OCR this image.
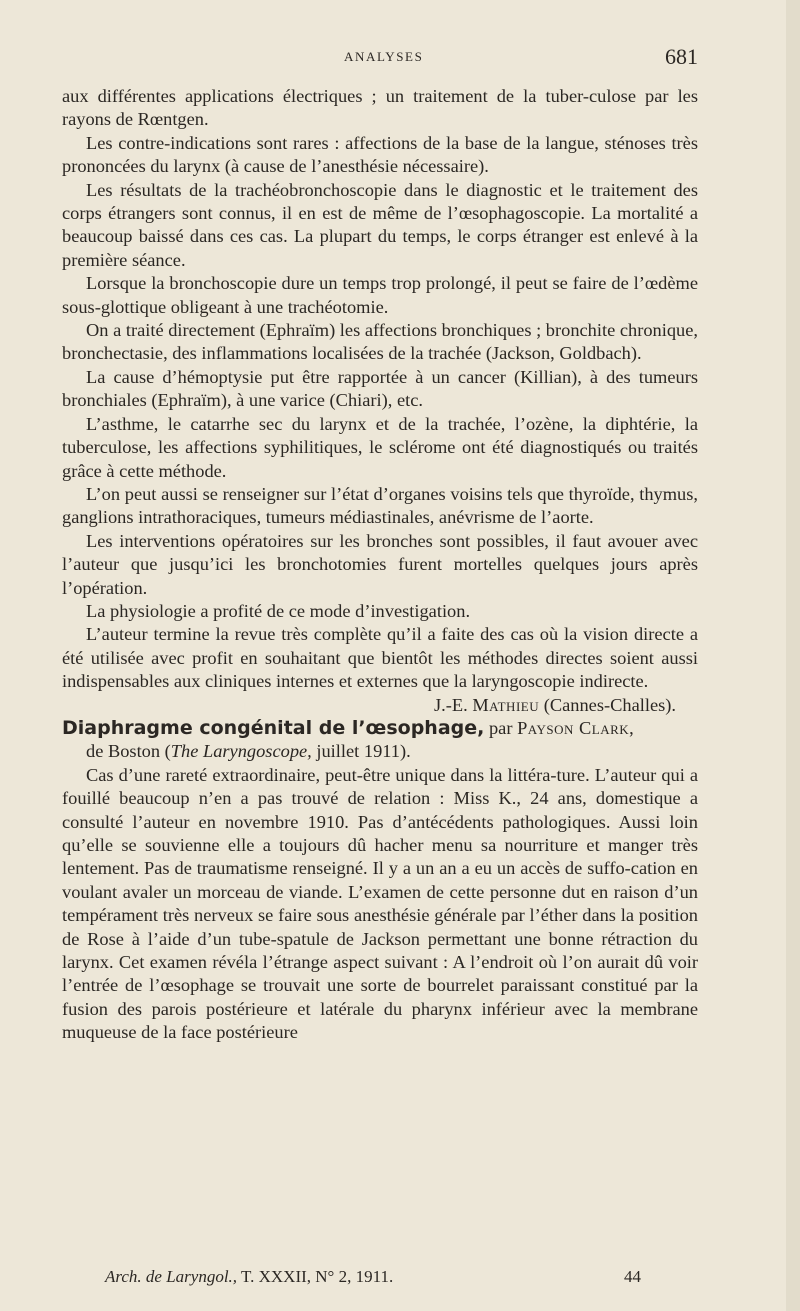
ANALYSES	681

aux différentes applications électriques ; un traitement de la tuber-culose par les rayons de Rœntgen.

Les contre-indications sont rares : affections de la base de la langue, sténoses très prononcées du larynx (à cause de l’anesthésie nécessaire).

Les résultats de la trachéobronchoscopie dans le diagnostic et le traitement des corps étrangers sont connus, il en est de même de l’œsophagoscopie. La mortalité a beaucoup baissé dans ces cas. La plupart du temps, le corps étranger est enlevé à la première séance.

Lorsque la bronchoscopie dure un temps trop prolongé, il peut se faire de l’œdème sous-glottique obligeant à une trachéotomie.

On a traité directement (Ephraïm) les affections bronchiques ; bronchite chronique, bronchectasie, des inflammations localisées de la trachée (Jackson, Goldbach).

La cause d’hémoptysie put être rapportée à un cancer (Killian), à des tumeurs bronchiales (Ephraïm), à une varice (Chiari), etc.

L’asthme, le catarrhe sec du larynx et de la trachée, l’ozène, la diphtérie, la tuberculose, les affections syphilitiques, le sclérome ont été diagnostiqués ou traités grâce à cette méthode.

L’on peut aussi se renseigner sur l’état d’organes voisins tels que thyroïde, thymus, ganglions intrathoraciques, tumeurs médiastinales, anévrisme de l’aorte.

Les interventions opératoires sur les bronches sont possibles, il faut avouer avec l’auteur que jusqu’ici les bronchotomies furent mortelles quelques jours après l’opération.

La physiologie a profité de ce mode d’investigation.

L’auteur termine la revue très complète qu’il a faite des cas où la vision directe a été utilisée avec profit en souhaitant que bientôt les méthodes directes soient aussi indispensables aux cliniques internes et externes que la laryngoscopie indirecte.

J.-E. Mathieu (Cannes-Challes).

Diaphragme congénital de l’œsophage, par Payson Clark,

de Boston (The Laryngoscope, juillet 1911).

Cas d’une rareté extraordinaire, peut-être unique dans la littéra-ture. L’auteur qui a fouillé beaucoup n’en a pas trouvé de relation : Miss K., 24 ans, domestique a consulté l’auteur en novembre 1910. Pas d’antécédents pathologiques. Aussi loin qu’elle se souvienne elle a toujours dû hacher menu sa nourriture et manger très lentement. Pas de traumatisme renseigné. Il y a un an a eu un accès de suffo-cation en voulant avaler un morceau de viande. L’examen de cette personne dut en raison d’un tempérament très nerveux se faire sous anesthésie générale par l’éther dans la position de Rose à l’aide d’un tube-spatule de Jackson permettant une bonne rétraction du larynx. Cet examen révéla l’étrange aspect suivant : A l’endroit où l’on aurait dû voir l’entrée de l’œsophage se trouvait une sorte de bourrelet paraissant constitué par la fusion des parois postérieure et latérale du pharynx inférieur avec la membrane muqueuse de la face postérieure

Arch. de Laryngol., T. XXXII, N° 2, 1911.	44
